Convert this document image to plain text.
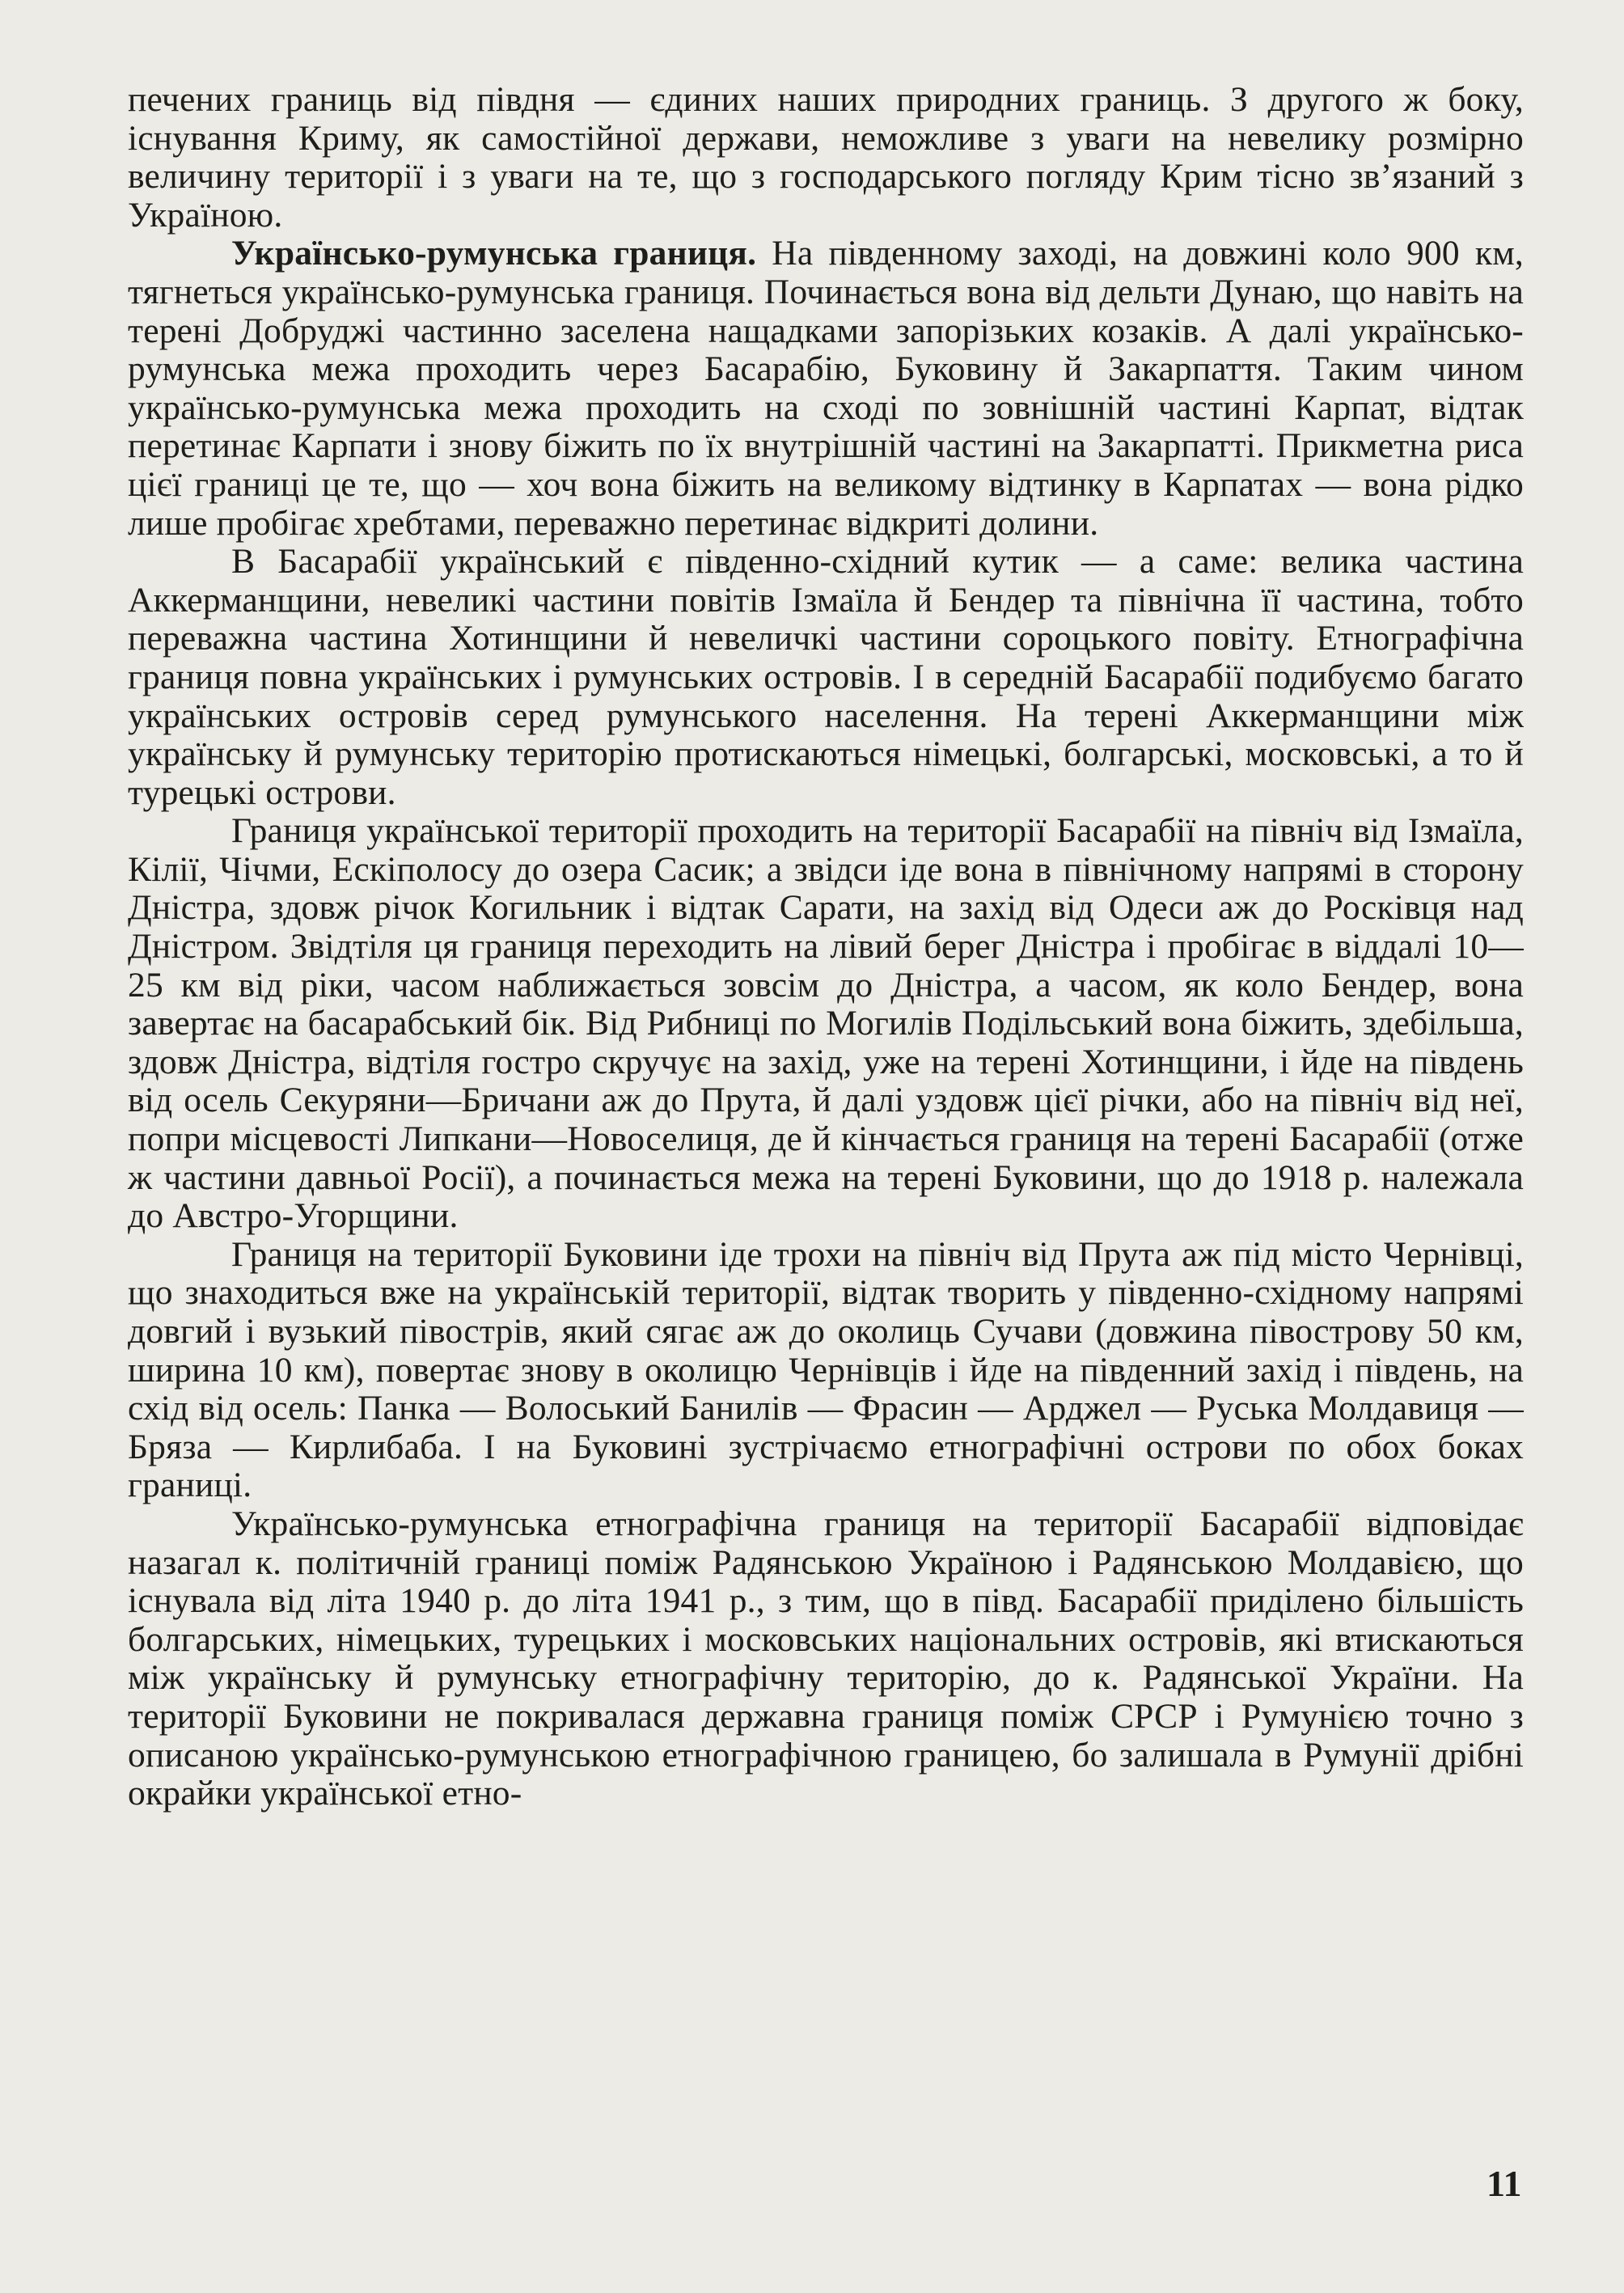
печених границь від півдня — єдиних наших природних границь. З другого ж боку, існування Криму, як самостійної держави, неможливе з уваги на невелику розмірно величину території і з уваги на те, що з господарського погляду Крим тісно зв’язаний з Україною.

Українсько-румунська границя. На південному заході, на довжині коло 900 км, тягнеться українсько-румунська границя. Починається вона від дельти Дунаю, що навіть на терені Добруджі частинно заселена нащадками запорізьких козаків. А далі українсько-румунська межа проходить через Басарабію, Буковину й Закарпаття. Таким чином українсько-румунська межа проходить на сході по зовнішній частині Карпат, відтак перетинає Карпати і знову біжить по їх внутрішній частині на Закарпатті. Прикметна риса цієї границі це те, що — хоч вона біжить на великому відтинку в Карпатах — вона рідко лише пробігає хребтами, переважно перетинає відкриті долини.

В Басарабії український є південно-східний кутик — а саме: велика частина Аккерманщини, невеликі частини повітів Ізмаїла й Бендер та північна її частина, тобто переважна частина Хотинщини й невеличкі частини сороцького повіту. Етнографічна границя повна українських і румунських островів. І в середній Басарабії подибуємо багато українських островів серед румунського населення. На терені Аккерманщини між українську й румунську територію протискаються німецькі, болгарські, московські, а то й турецькі острови.

Границя української території проходить на території Басарабії на північ від Ізмаїла, Кілії, Чічми, Ескіполосу до озера Сасик; а звідси іде вона в північному напрямі в сторону Дністра, здовж річок Когильник і відтак Сарати, на захід від Одеси аж до Росківця над Дністром. Звідтіля ця границя переходить на лівий берег Дністра і пробігає в віддалі 10—25 км від ріки, часом наближається зовсім до Дністра, а часом, як коло Бендер, вона завертає на басарабський бік. Від Рибниці по Могилів Подільський вона біжить, здебільша, здовж Дністра, відтіля гостро скручує на захід, уже на терені Хотинщини, і йде на південь від осель Секуряни—Бричани аж до Прута, й далі уздовж цієї річки, або на північ від неї, попри місцевості Липкани—Новоселиця, де й кінчається границя на терені Басарабії (отже ж частини давньої Росії), а починається межа на терені Буковини, що до 1918 р. належала до Австро-Угорщини.

Границя на території Буковини іде трохи на північ від Прута аж під місто Чернівці, що знаходиться вже на українській території, відтак творить у південно-східному напрямі довгий і вузький півострів, який сягає аж до околиць Сучави (довжина півострову 50 км, ширина 10 км), повертає знову в околицю Чернівців і йде на південний захід і південь, на схід від осель: Панка — Волоський Банилів — Фрасин — Арджел — Руська Молдавиця — Бряза — Кирлибаба. І на Буковині зустрічаємо етнографічні острови по обох боках границі.

Українсько-румунська етнографічна границя на території Басарабії відповідає назагал к. політичній границі поміж Радянською Україною і Радянською Молдавією, що існувала від літа 1940 р. до літа 1941 р., з тим, що в півд. Басарабії приділено більшість болгарських, німецьких, турецьких і московських національних островів, які втискаються між українську й румунську етнографічну територію, до к. Радянської України. На території Буковини не покривалася державна границя поміж СРСР і Румунією точно з описаною українсько-румунською етнографічною границею, бо залишала в Румунії дрібні окрайки української етно-

11
